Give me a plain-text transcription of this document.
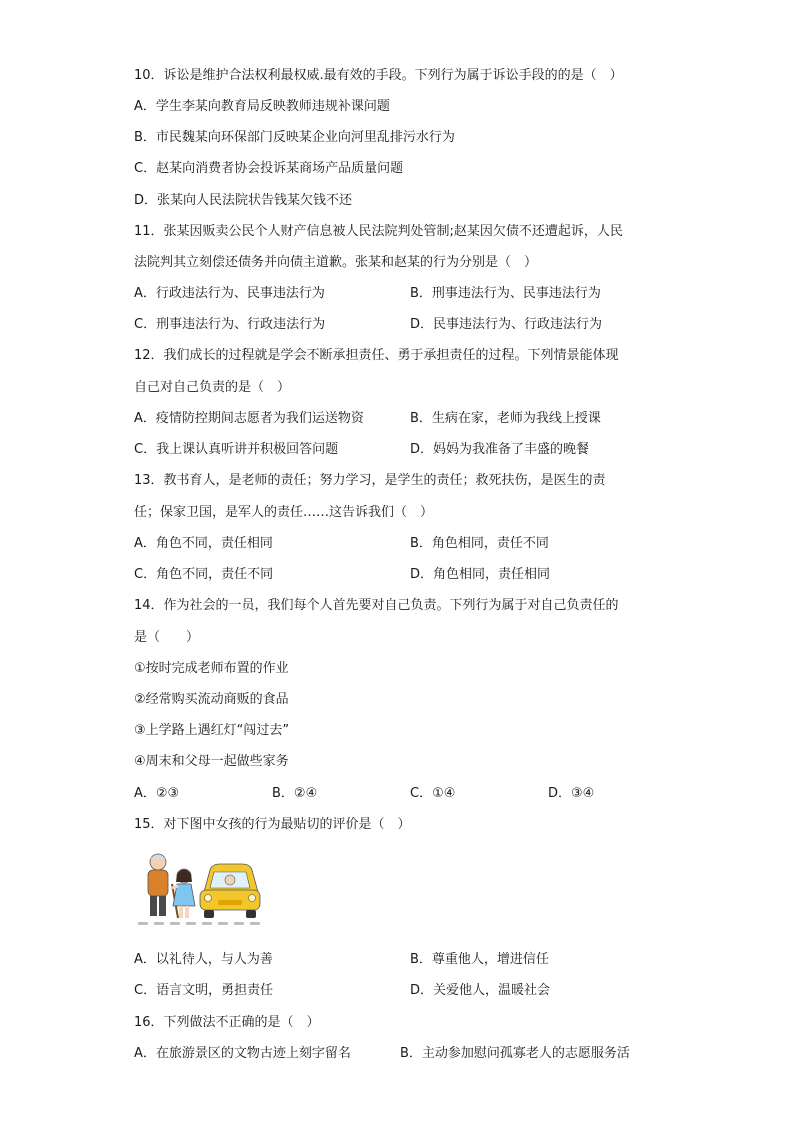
10．诉讼是维护合法权利最权威.最有效的手段。下列行为属于诉讼手段的的是（　）
A．学生李某向教育局反映教师违规补课问题
B．市民魏某向环保部门反映某企业向河里乱排污水行为
C．赵某向消费者协会投诉某商场产品质量问题
D．张某向人民法院状告钱某欠钱不还
11．张某因贩卖公民个人财产信息被人民法院判处管制;赵某因欠债不还遭起诉，人民
法院判其立刻偿还债务并向债主道歉。张某和赵某的行为分别是（　）
A．行政违法行为、民事违法行为	B．刑事违法行为、民事违法行为
C．刑事违法行为、行政违法行为	D．民事违法行为、行政违法行为
12．我们成长的过程就是学会不断承担责任、勇于承担责任的过程。下列情景能体现
自己对自己负责的是（　）
A．疫情防控期间志愿者为我们运送物资	B．生病在家，老师为我线上授课
C．我上课认真听讲并积极回答问题	D．妈妈为我准备了丰盛的晚餐
13．教书育人，是老师的责任；努力学习，是学生的责任；救死扶伤，是医生的责
任；保家卫国，是军人的责任……这告诉我们（　）
A．角色不同，责任相同	B．角色相同，责任不同
C．角色不同，责任不同	D．角色相同，责任相同
14．作为社会的一员，我们每个人首先要对自己负责。下列行为属于对自己负责任的
是（　　）
①按时完成老师布置的作业
②经常购买流动商贩的食品
③上学路上遇红灯“闯过去”
④周末和父母一起做些家务
A．②③	B．②④	C．①④	D．③④
15．对下图中女孩的行为最贴切的评价是（　）
A．以礼待人，与人为善	B．尊重他人，增进信任
C．语言文明，勇担责任	D．关爱他人，温暖社会
16．下列做法不正确的是（　）
A．在旅游景区的文物古迹上刻字留名	B．主动参加慰问孤寡老人的志愿服务活
